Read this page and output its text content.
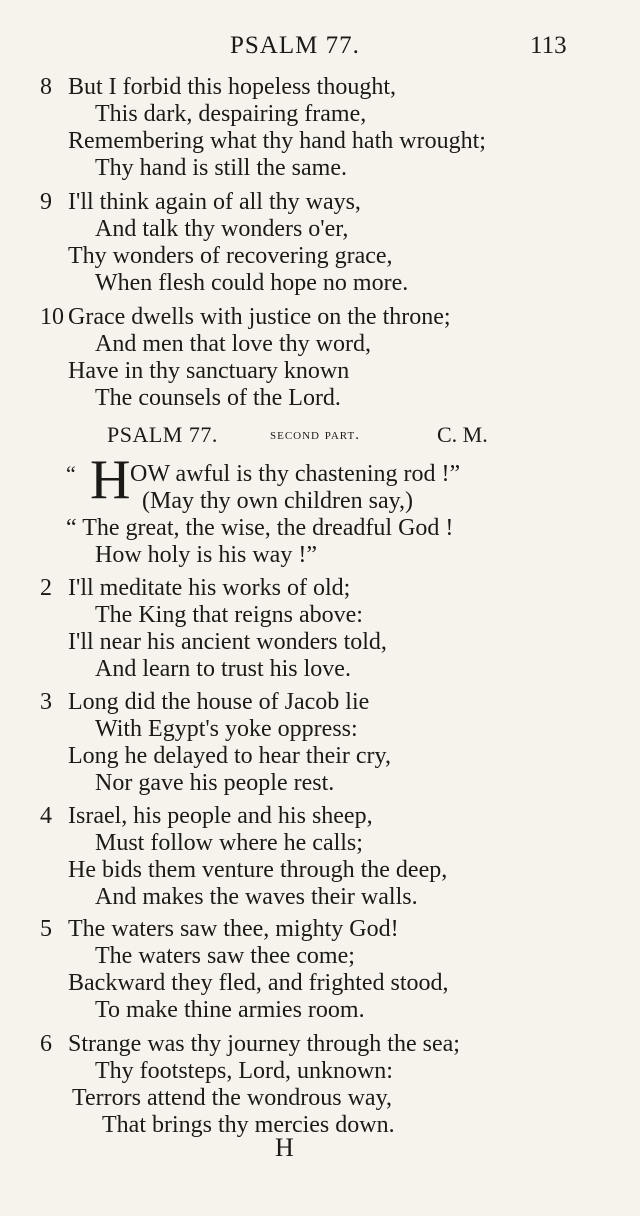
PSALM 77.	113
8 But I forbid this hopeless thought,
This dark, despairing frame,
Remembering what thy hand hath wrought;
Thy hand is still the same.
9 I'll think again of all thy ways,
And talk thy wonders o'er,
Thy wonders of recovering grace,
When flesh could hope no more.
10 Grace dwells with justice on the throne;
And men that love thy word,
Have in thy sanctuary known
The counsels of the Lord.
PSALM 77.	second part.	C. M.
“ H OW awful is thy chastening rod !”
(May thy own children say,)
“ The great, the wise, the dreadful God !
How holy is his way !”
2 I'll meditate his works of old;
The King that reigns above:
I'll near his ancient wonders told,
And learn to trust his love.
3 Long did the house of Jacob lie
With Egypt's yoke oppress:
Long he delayed to hear their cry,
Nor gave his people rest.
4 Israel, his people and his sheep,
Must follow where he calls;
He bids them venture through the deep,
And makes the waves their walls.
5 The waters saw thee, mighty God!
The waters saw thee come;
Backward they fled, and frighted stood,
To make thine armies room.
6 Strange was thy journey through the sea;
Thy footsteps, Lord, unknown:
Terrors attend the wondrous way,
That brings thy mercies down.
H
